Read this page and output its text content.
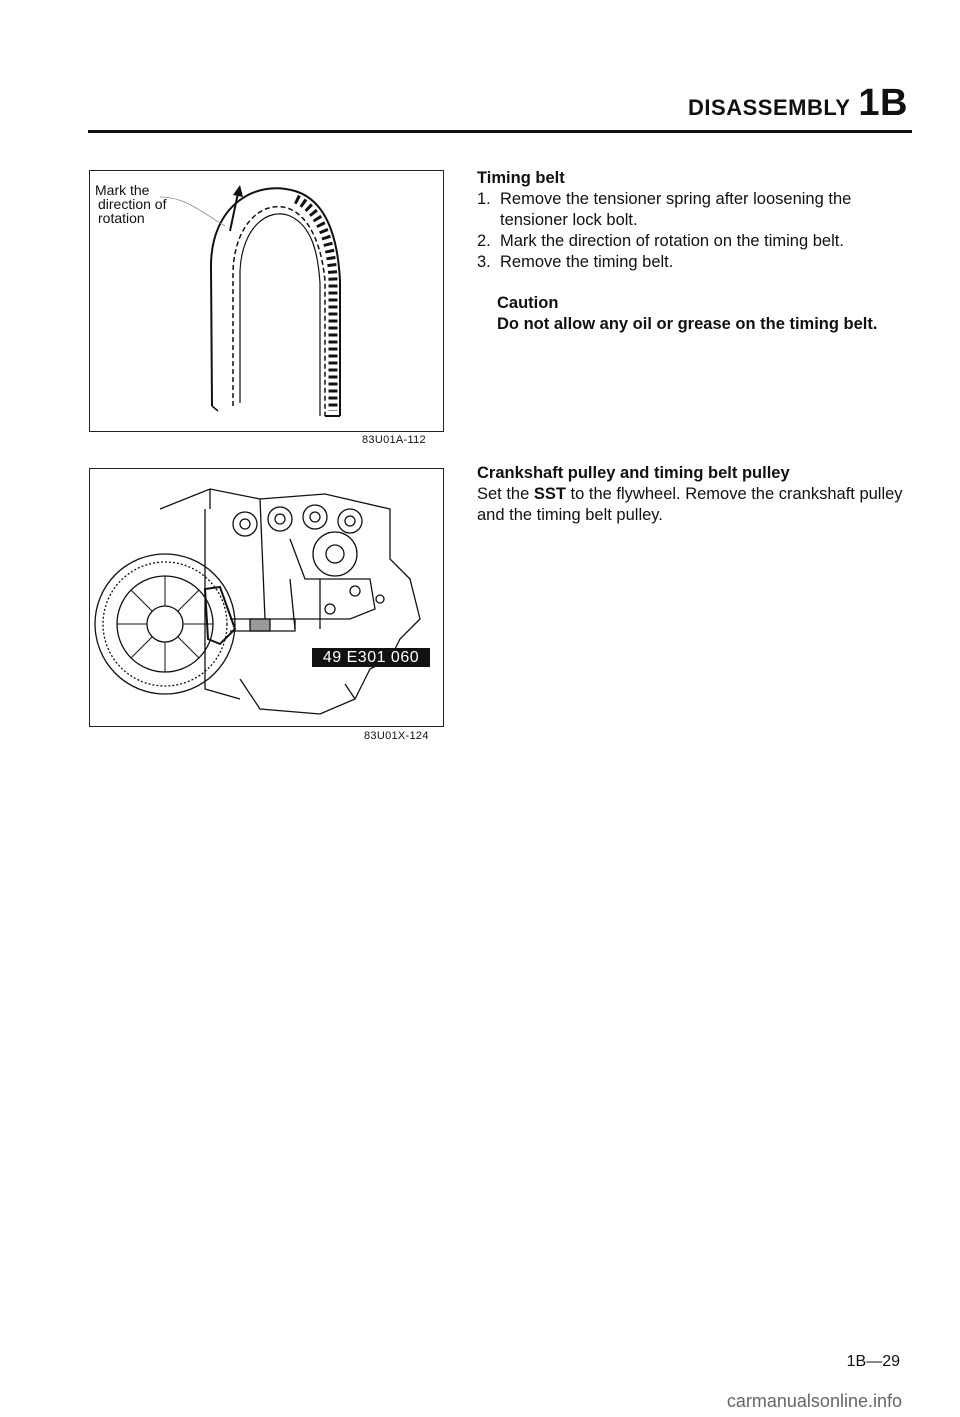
DISASSEMBLY 1B
Mark the
direction of
rotation
83U01A-112
49 E301 060
83U01X-124

Timing belt

1. Remove the tensioner spring after loosening the tensioner lock bolt.
2. Mark the direction of rotation on the timing belt.
3. Remove the timing belt.
Caution
Do not allow any oil or grease on the timing belt.

Crankshaft pulley and timing belt pulley

Set the SST to the flywheel. Remove the crankshaft pulley and the timing belt pulley.
1B—29
carmanualsonline.info
